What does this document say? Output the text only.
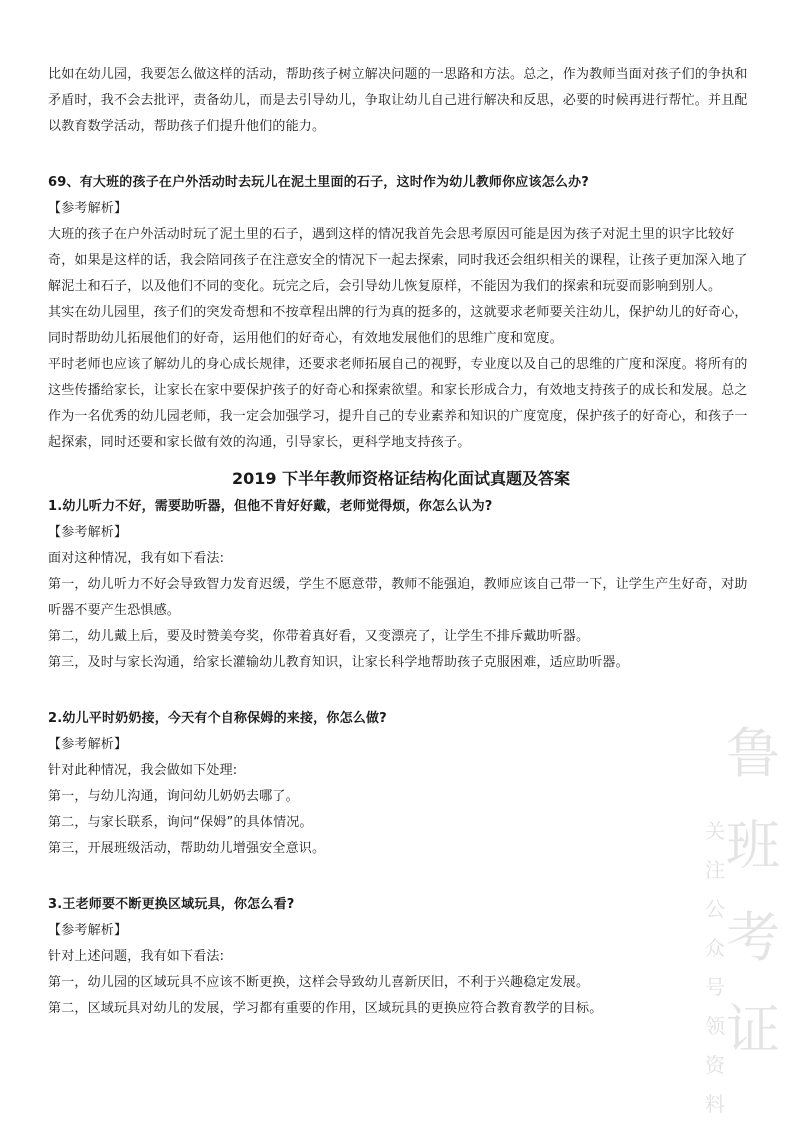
比如在幼儿园，我要怎么做这样的活动，帮助孩子树立解决问题的一思路和方法。总之，作为教师当面对孩子们的争执和矛盾时，我不会去批评，责备幼儿，而是去引导幼儿，争取让幼儿自己进行解决和反思，必要的时候再进行帮忙。并且配以教育数学活动，帮助孩子们提升他们的能力。

69、有大班的孩子在户外活动时去玩儿在泥土里面的石子，这时作为幼儿教师你应该怎么办?

【参考解析】

大班的孩子在户外活动时玩了泥土里的石子，遇到这样的情况我首先会思考原因可能是因为孩子对泥土里的识字比较好奇，如果是这样的话，我会陪同孩子在注意安全的情况下一起去探索，同时我还会组织相关的课程，让孩子更加深入地了解泥土和石子，以及他们不同的变化。玩完之后，会引导幼儿恢复原样，不能因为我们的探索和玩耍而影响到别人。

其实在幼儿园里，孩子们的突发奇想和不按章程出牌的行为真的挺多的，这就要求老师要关注幼儿，保护幼儿的好奇心，同时帮助幼儿拓展他们的好奇，运用他们的好奇心，有效地发展他们的思维广度和宽度。

平时老师也应该了解幼儿的身心成长规律，还要求老师拓展自己的视野，专业度以及自己的思维的广度和深度。将所有的这些传播给家长，让家长在家中要保护孩子的好奇心和探索欲望。和家长形成合力，有效地支持孩子的成长和发展。总之作为一名优秀的幼儿园老师，我一定会加强学习，提升自己的专业素养和知识的广度宽度，保护孩子的好奇心，和孩子一起探索，同时还要和家长做有效的沟通，引导家长，更科学地支持孩子。

2019 下半年教师资格证结构化面试真题及答案

1.幼儿听力不好，需要助听器，但他不肯好好戴，老师觉得烦，你怎么认为?

【参考解析】

面对这种情况，我有如下看法:

第一，幼儿听力不好会导致智力发育迟缓，学生不愿意带，教师不能强迫，教师应该自己带一下，让学生产生好奇，对助听器不要产生恐惧感。

第二，幼儿戴上后，要及时赞美夸奖，你带着真好看，又变漂亮了，让学生不排斥戴助听器。

第三，及时与家长沟通，给家长灌输幼儿教育知识，让家长科学地帮助孩子克服困难，适应助听器。

2.幼儿平时奶奶接，今天有个自称保姆的来接，你怎么做?

【参考解析】

针对此种情况，我会做如下处理:

第一，与幼儿沟通，询问幼儿奶奶去哪了。

第二，与家长联系，询问“保姆”的具体情况。

第三，开展班级活动，帮助幼儿增强安全意识。

3.王老师要不断更换区域玩具，你怎么看?

【参考解析】

针对上述问题，我有如下看法:

第一，幼儿园的区域玩具不应该不断更换，这样会导致幼儿喜新厌旧，不利于兴趣稳定发展。

第二，区域玩具对幼儿的发展，学习都有重要的作用，区域玩具的更换应符合教育教学的目标。

鲁
班
考
证
关
注
公
众
号
领
资
料
